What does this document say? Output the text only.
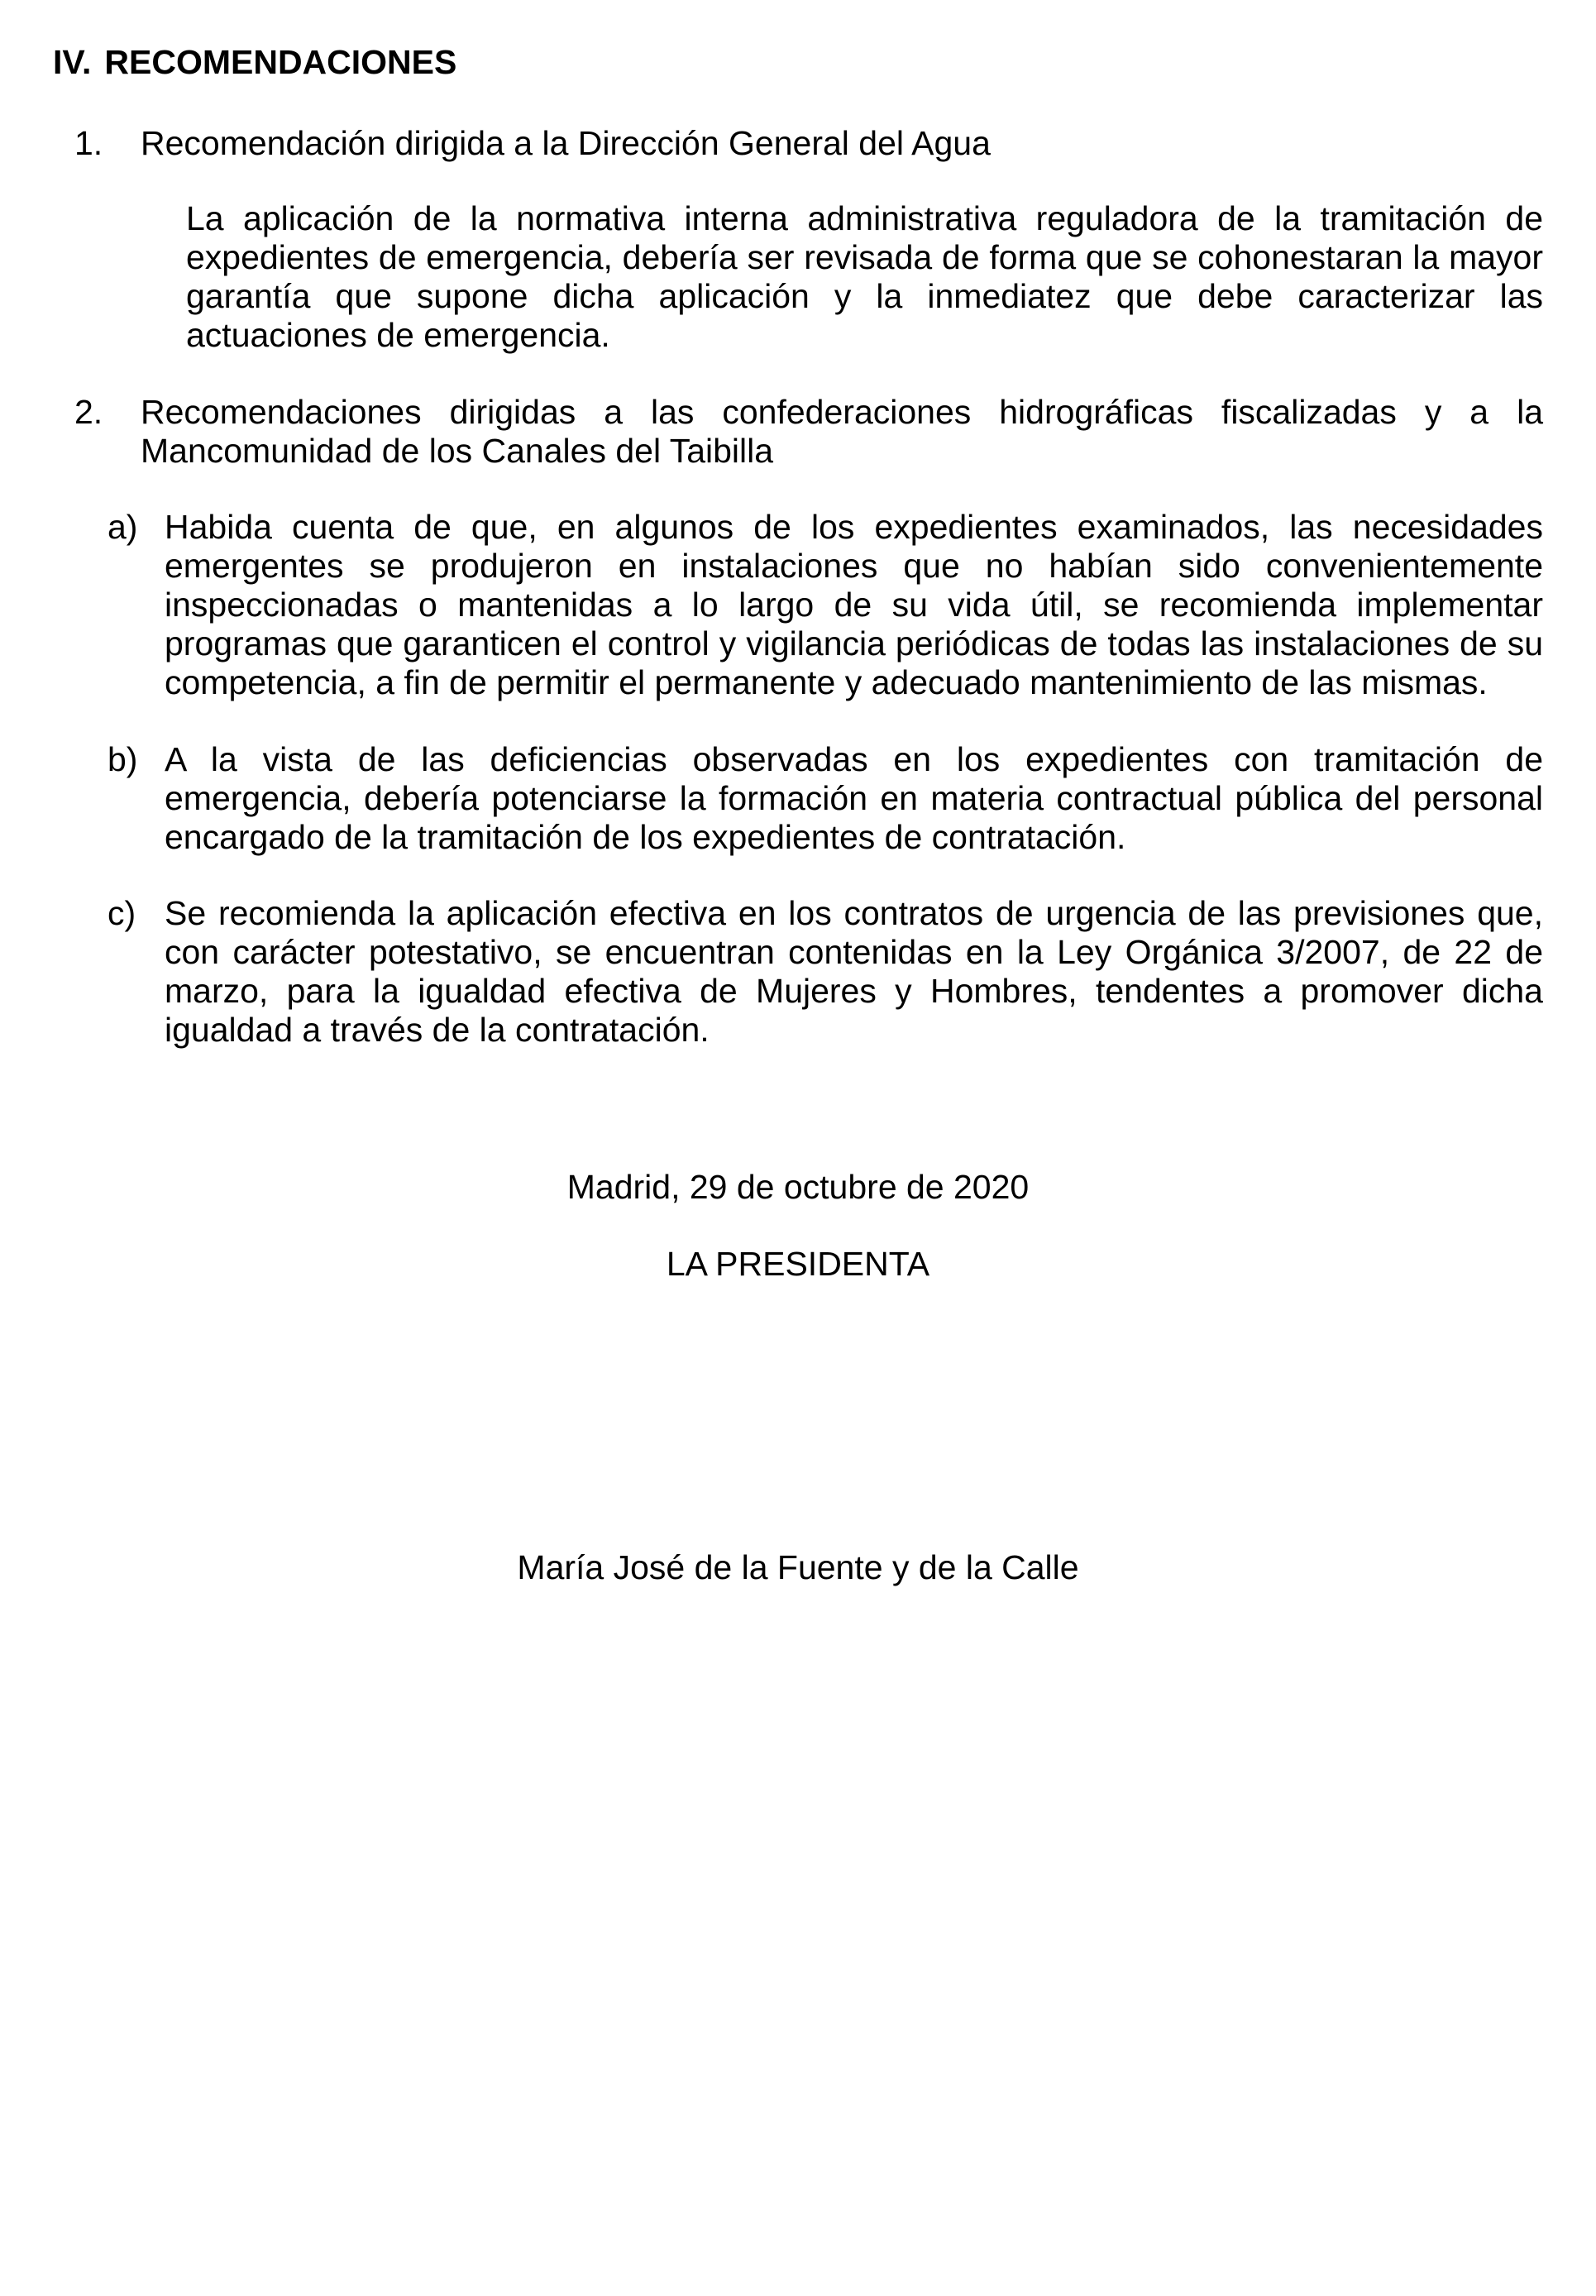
IV. RECOMENDACIONES
1. Recomendación dirigida a la Dirección General del Agua
La aplicación de la normativa interna administrativa reguladora de la tramitación de expedientes de emergencia, debería ser revisada de forma que se cohonestaran la mayor garantía que supone dicha aplicación y la inmediatez que debe caracterizar las actuaciones de emergencia.
2. Recomendaciones dirigidas a las confederaciones hidrográficas fiscalizadas y a la Mancomunidad de los Canales del Taibilla
a) Habida cuenta de que, en algunos de los expedientes examinados, las necesidades emergentes se produjeron en instalaciones que no habían sido convenientemente inspeccionadas o mantenidas a lo largo de su vida útil, se recomienda implementar programas que garanticen el control y vigilancia periódicas de todas las instalaciones de su competencia, a fin de permitir el permanente y adecuado mantenimiento de las mismas.
b) A la vista de las deficiencias observadas en los expedientes con tramitación de emergencia, debería potenciarse la formación en materia contractual pública del personal encargado de la tramitación de los expedientes de contratación.
c) Se recomienda la aplicación efectiva en los contratos de urgencia de las previsiones que, con carácter potestativo, se encuentran contenidas en la Ley Orgánica 3/2007, de 22 de marzo, para la igualdad efectiva de Mujeres y Hombres, tendentes a promover dicha igualdad a través de la contratación.
Madrid, 29 de octubre de 2020
LA PRESIDENTA
María José de la Fuente y de la Calle
